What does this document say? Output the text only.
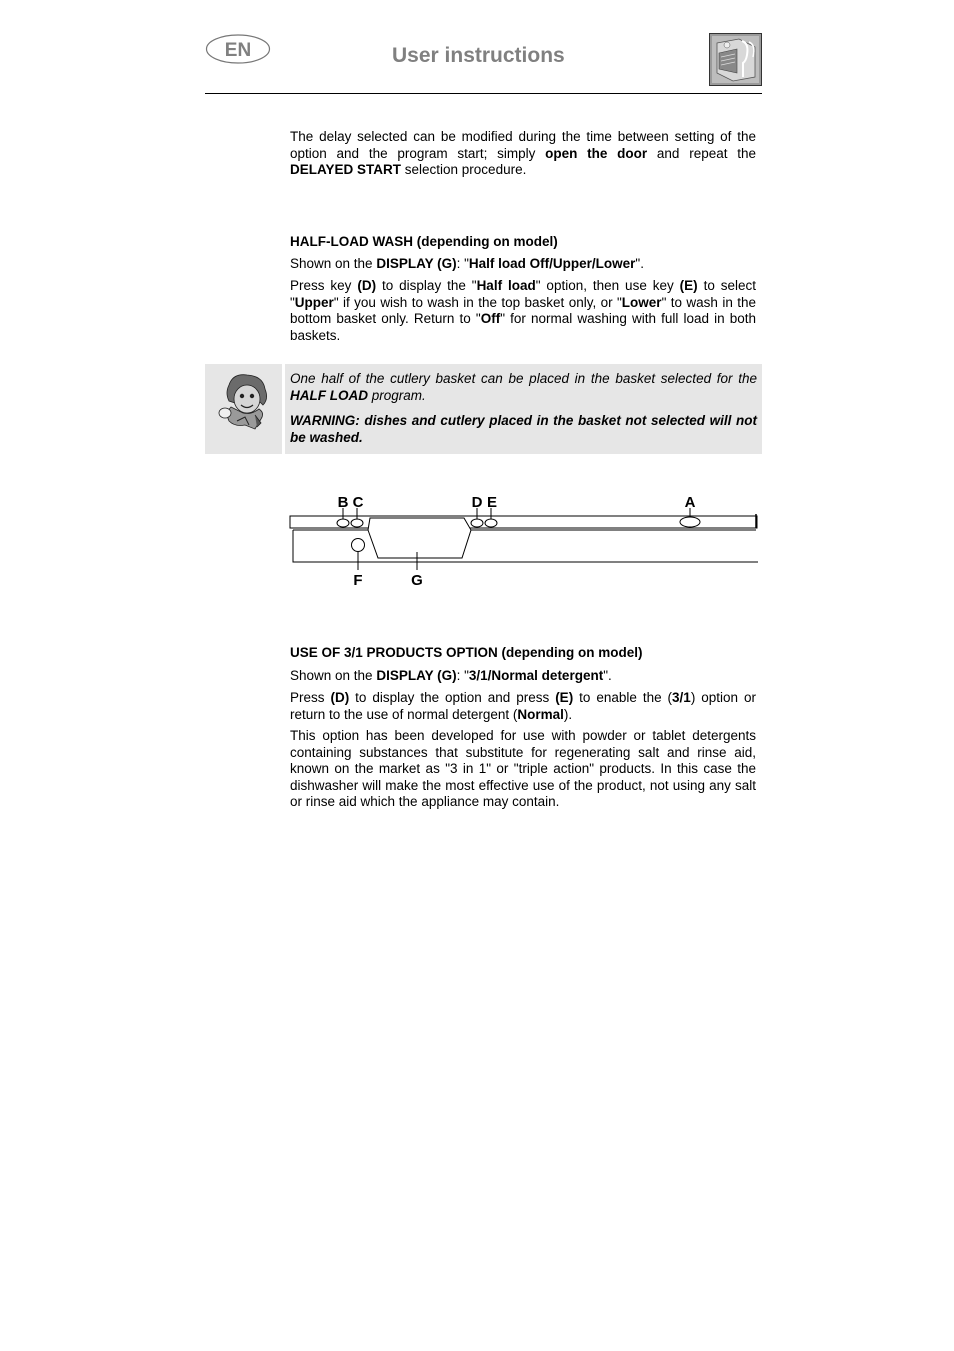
EN	User instructions

The delay selected can be modified during the time between setting of the option and the program start; simply open the door and repeat the DELAYED START selection procedure.

HALF-LOAD WASH (depending on model)

Shown on the DISPLAY (G): "Half load Off/Upper/Lower".

Press key (D) to display the "Half load" option, then use key (E) to select "Upper" if you wish to wash in the top basket only, or "Lower" to wash in the bottom basket only. Return to "Off" for normal washing with full load in both baskets.

One half of the cutlery basket can be placed in the basket selected for the HALF LOAD program.

WARNING: dishes and cutlery placed in the basket not selected will not be washed.

B C	D E	A
F	G

USE OF 3/1 PRODUCTS OPTION (depending on model)

Shown on the DISPLAY (G): "3/1/Normal detergent".

Press (D) to display the option and press (E) to enable the (3/1) option or return to the use of normal detergent (Normal).

This option has been developed for use with powder or tablet detergents containing substances that substitute for regenerating salt and rinse aid, known on the market as "3 in 1" or "triple action" products. In this case the dishwasher will make the most effective use of the product, not using any salt or rinse aid which the appliance may contain.
